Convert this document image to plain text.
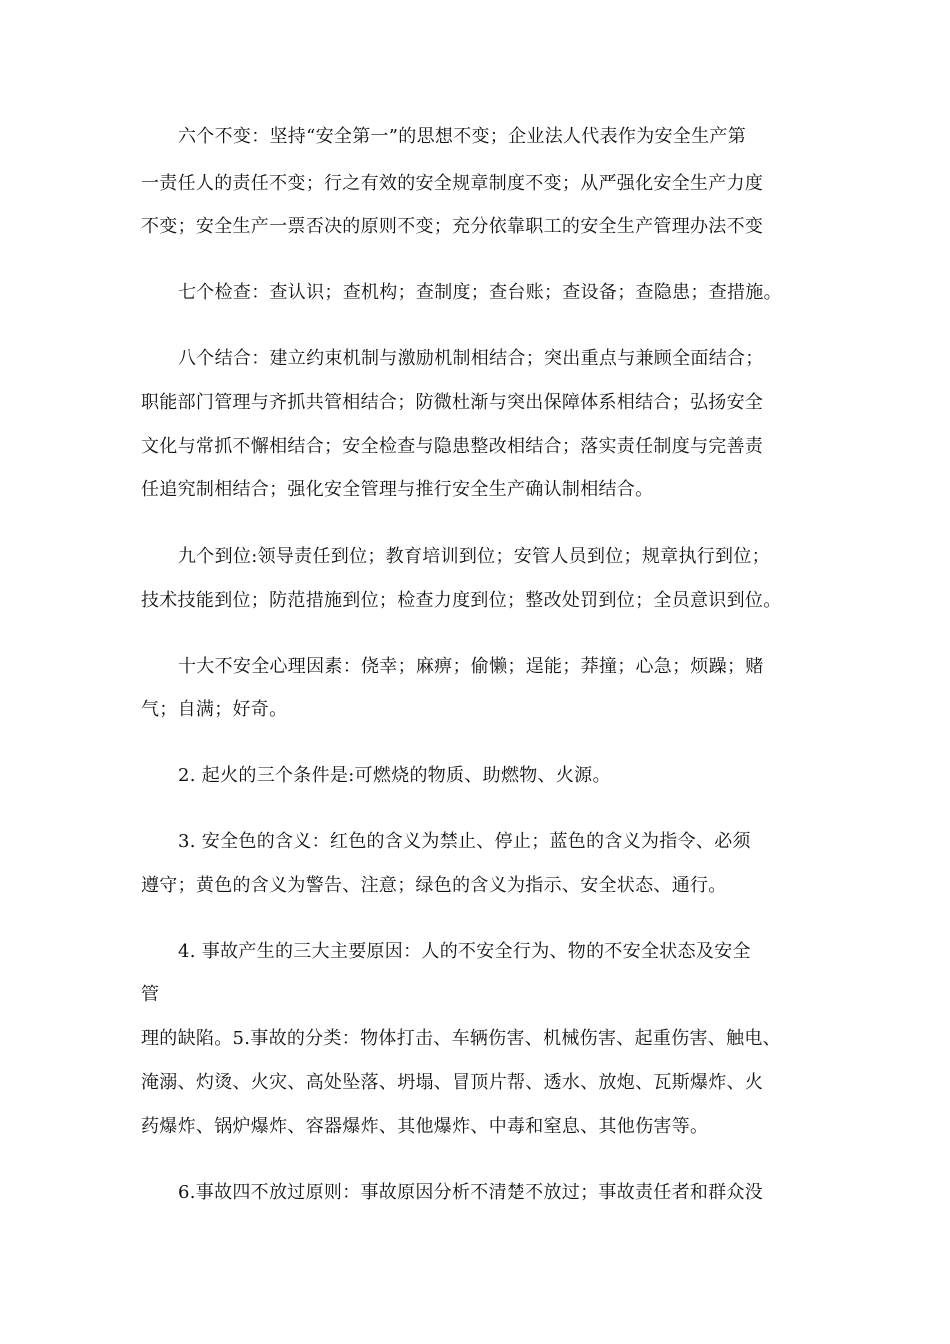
六个不变：坚持“安全第一”的思想不变；企业法人代表作为安全生产第
一责任人的责任不变；行之有效的安全规章制度不变；从严强化安全生产力度
不变；安全生产一票否决的原则不变；充分依靠职工的安全生产管理办法不变
七个检查：查认识；查机构；查制度；查台账；查设备；查隐患；查措施。
八个结合：建立约束机制与激励机制相结合；突出重点与兼顾全面结合；
职能部门管理与齐抓共管相结合；防微杜渐与突出保障体系相结合；弘扬安全
文化与常抓不懈相结合；安全检查与隐患整改相结合；落实责任制度与完善责
任追究制相结合；强化安全管理与推行安全生产确认制相结合。
九个到位:领导责任到位；教育培训到位；安管人员到位；规章执行到位；
技术技能到位；防范措施到位；检查力度到位；整改处罚到位；全员意识到位。
十大不安全心理因素：侥幸；麻痹；偷懒；逞能；莽撞；心急；烦躁；赌
气；自满；好奇。
2. 起火的三个条件是:可燃烧的物质、助燃物、火源。
3. 安全色的含义：红色的含义为禁止、停止；蓝色的含义为指令、必须
遵守；黄色的含义为警告、注意；绿色的含义为指示、安全状态、通行。
4. 事故产生的三大主要原因：人的不安全行为、物的不安全状态及安全
管
理的缺陷。5.事故的分类：物体打击、车辆伤害、机械伤害、起重伤害、触电、
淹溺、灼烫、火灾、高处坠落、坍塌、冒顶片帮、透水、放炮、瓦斯爆炸、火
药爆炸、锅炉爆炸、容器爆炸、其他爆炸、中毒和窒息、其他伤害等。
6.事故四不放过原则：事故原因分析不清楚不放过；事故责任者和群众没
